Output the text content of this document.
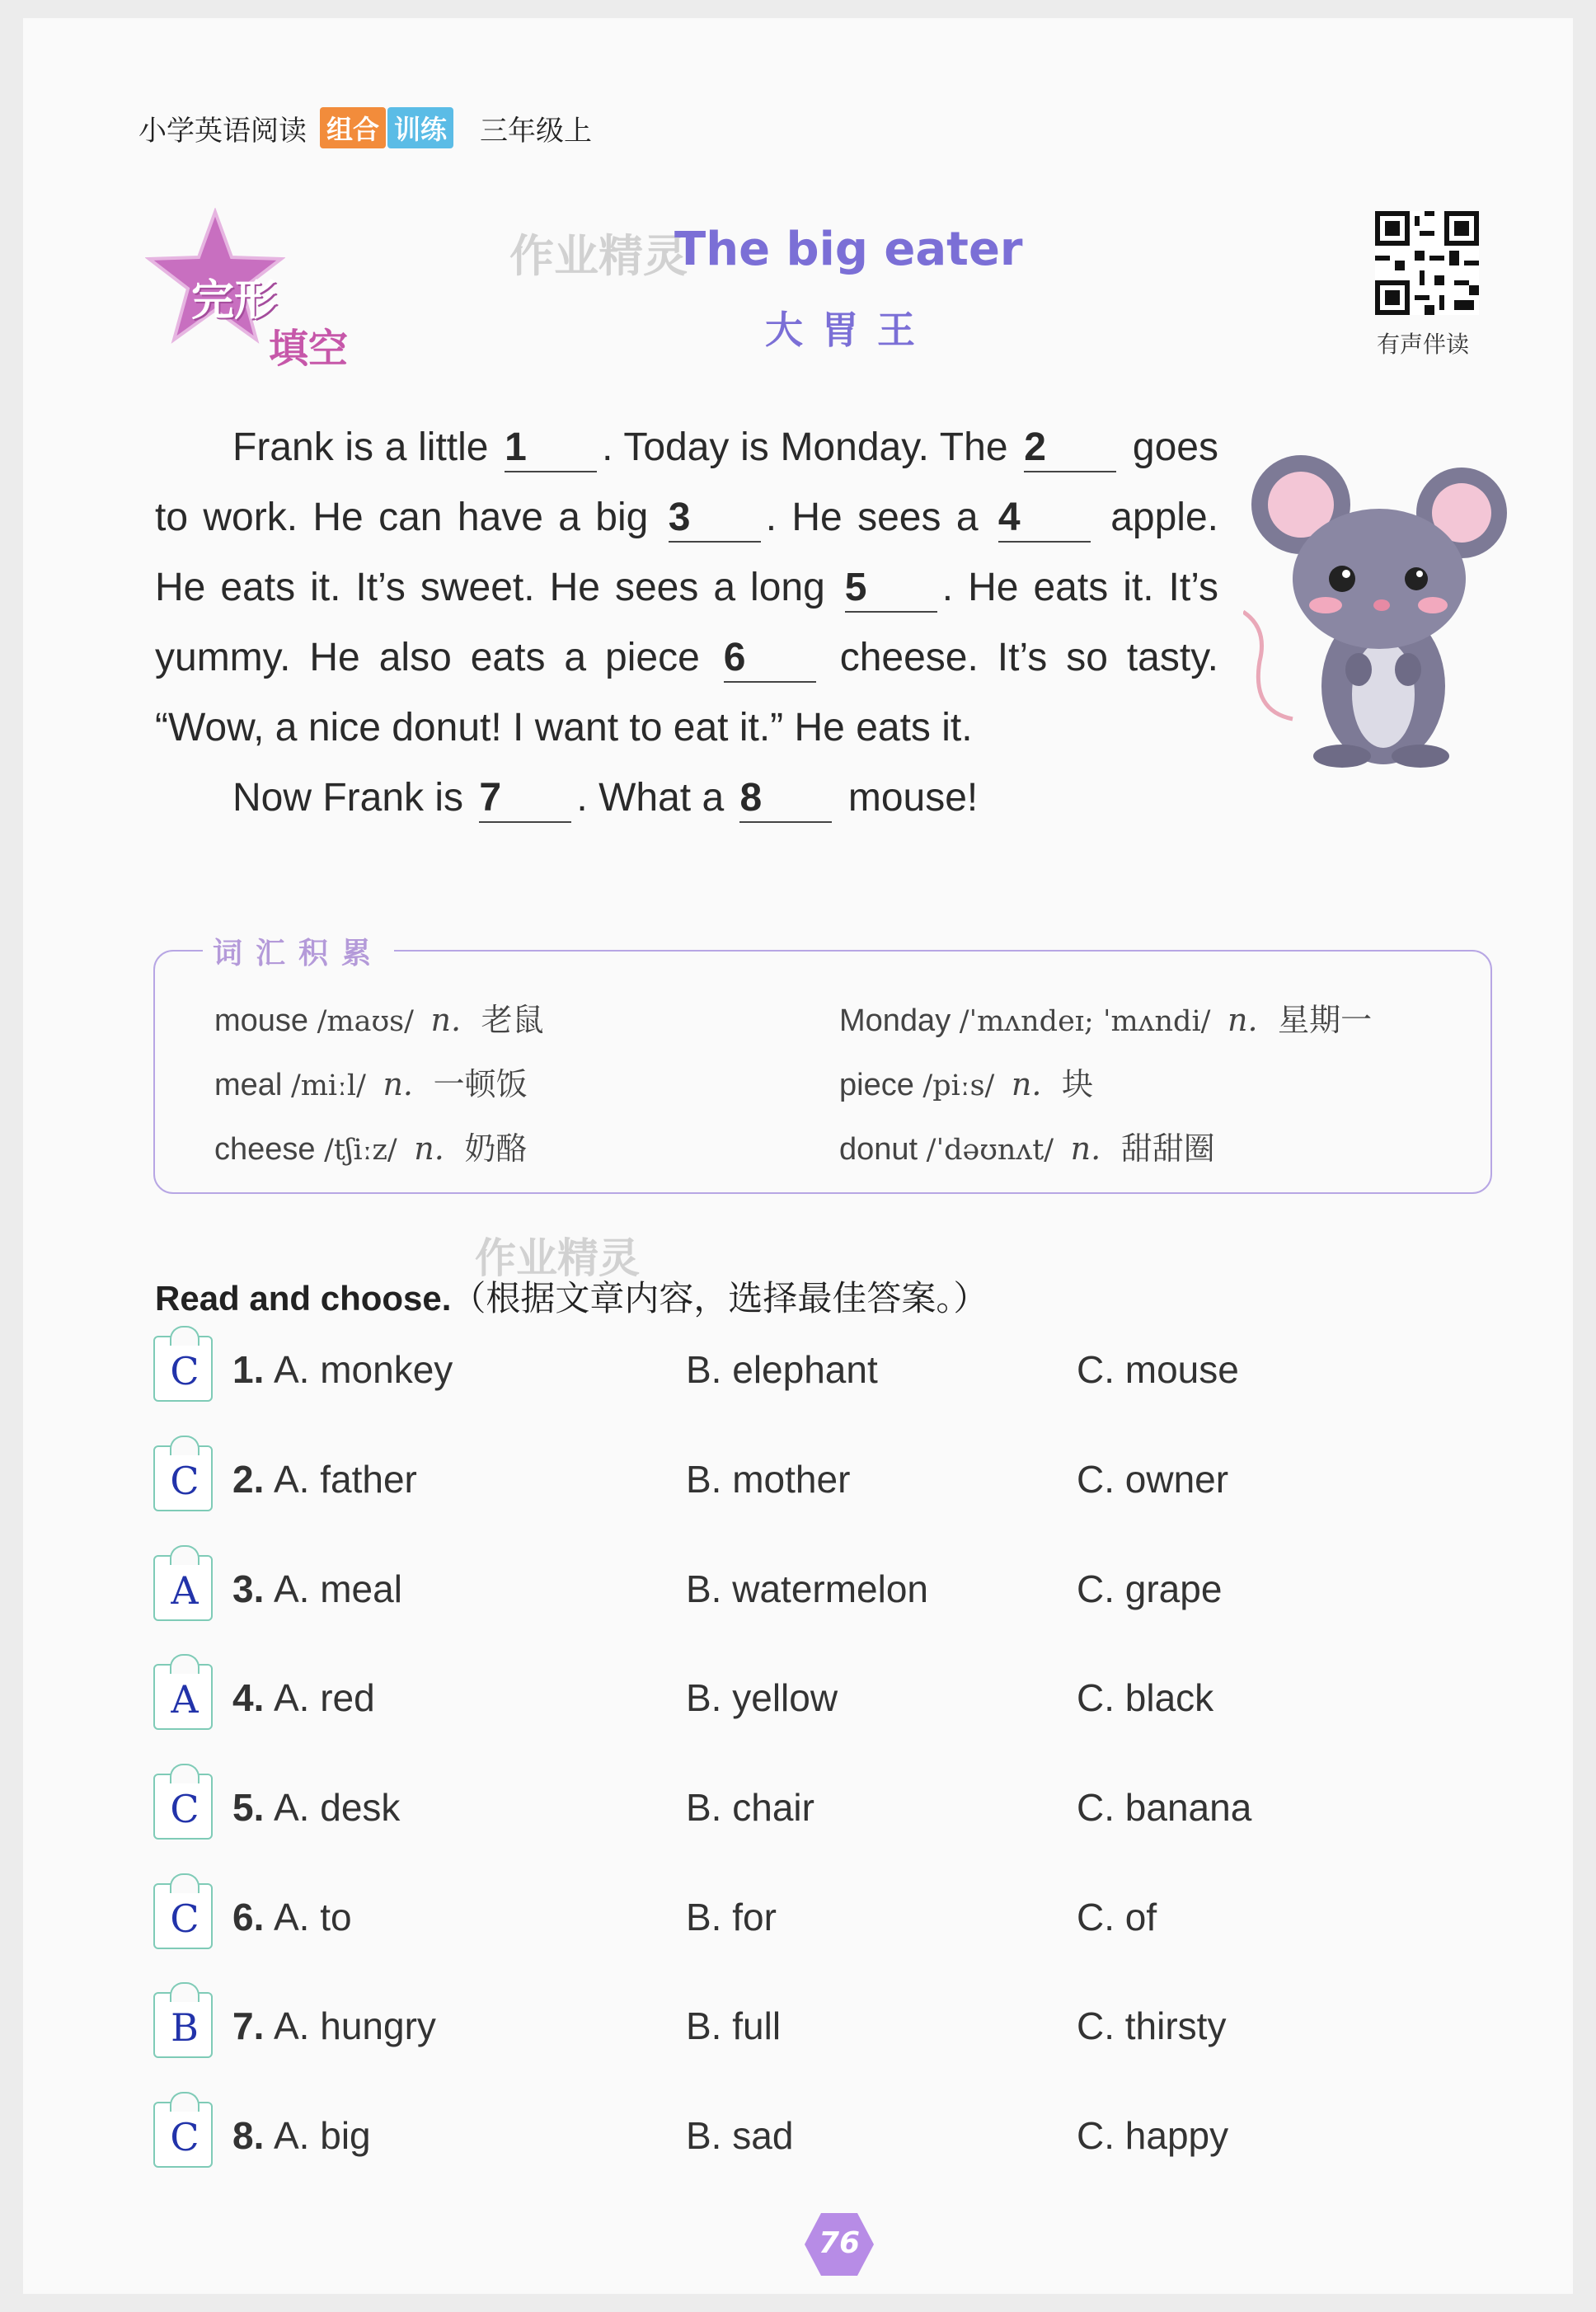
小学英语阅读 组合 训练 三年级上
完形
填空
作业精灵
The big eater
大胃王	有声伴读

Frank is a little 1 . Today is Monday. The 2 goes to work. He can have a big 3 . He sees a 4 apple. He eats it. It’s sweet. He sees a long 5 . He eats it. It’s yummy. He also eats a piece 6 cheese. It’s so tasty. “Wow, a nice donut! I want to eat it.” He eats it.

Now Frank is 7 . What a 8 mouse!

词汇积累
mouse /maʊs/ n. 老鼠	Monday /ˈmʌndeɪ; ˈmʌndi/ n. 星期一
meal /miːl/ n. 一顿饭	piece /piːs/ n. 块
cheese /tʃiːz/ n. 奶酪	donut /ˈdəʊnʌt/ n. 甜甜圈
作业精灵
Read and choose.（根据文章内容，选择最佳答案。）
C 1. A. monkey	B. elephant	C. mouse
C 2. A. father	B. mother	C. owner
A 3. A. meal	B. watermelon	C. grape
A 4. A. red	B. yellow	C. black
C 5. A. desk	B. chair	C. banana
C 6. A. to	B. for	C. of
B 7. A. hungry	B. full	C. thirsty
C 8. A. big	B. sad	C. happy
76
